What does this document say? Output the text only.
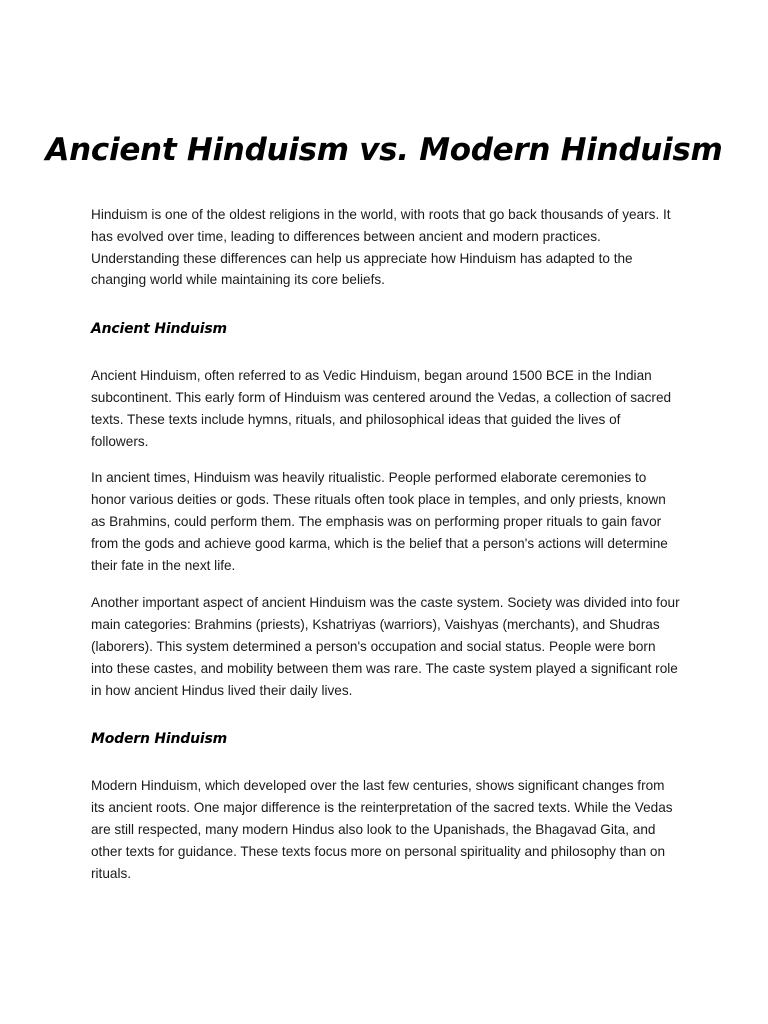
Ancient Hinduism vs. Modern Hinduism

Hinduism is one of the oldest religions in the world, with roots that go back thousands of years. It has evolved over time, leading to differences between ancient and modern practices. Understanding these differences can help us appreciate how Hinduism has adapted to the changing world while maintaining its core beliefs.

Ancient Hinduism

Ancient Hinduism, often referred to as Vedic Hinduism, began around 1500 BCE in the Indian subcontinent. This early form of Hinduism was centered around the Vedas, a collection of sacred texts. These texts include hymns, rituals, and philosophical ideas that guided the lives of followers.

In ancient times, Hinduism was heavily ritualistic. People performed elaborate ceremonies to honor various deities or gods. These rituals often took place in temples, and only priests, known as Brahmins, could perform them. The emphasis was on performing proper rituals to gain favor from the gods and achieve good karma, which is the belief that a person's actions will determine their fate in the next life.

Another important aspect of ancient Hinduism was the caste system. Society was divided into four main categories: Brahmins (priests), Kshatriyas (warriors), Vaishyas (merchants), and Shudras (laborers). This system determined a person's occupation and social status. People were born into these castes, and mobility between them was rare. The caste system played a significant role in how ancient Hindus lived their daily lives.

Modern Hinduism

Modern Hinduism, which developed over the last few centuries, shows significant changes from its ancient roots. One major difference is the reinterpretation of the sacred texts. While the Vedas are still respected, many modern Hindus also look to the Upanishads, the Bhagavad Gita, and other texts for guidance. These texts focus more on personal spirituality and philosophy than on rituals.
